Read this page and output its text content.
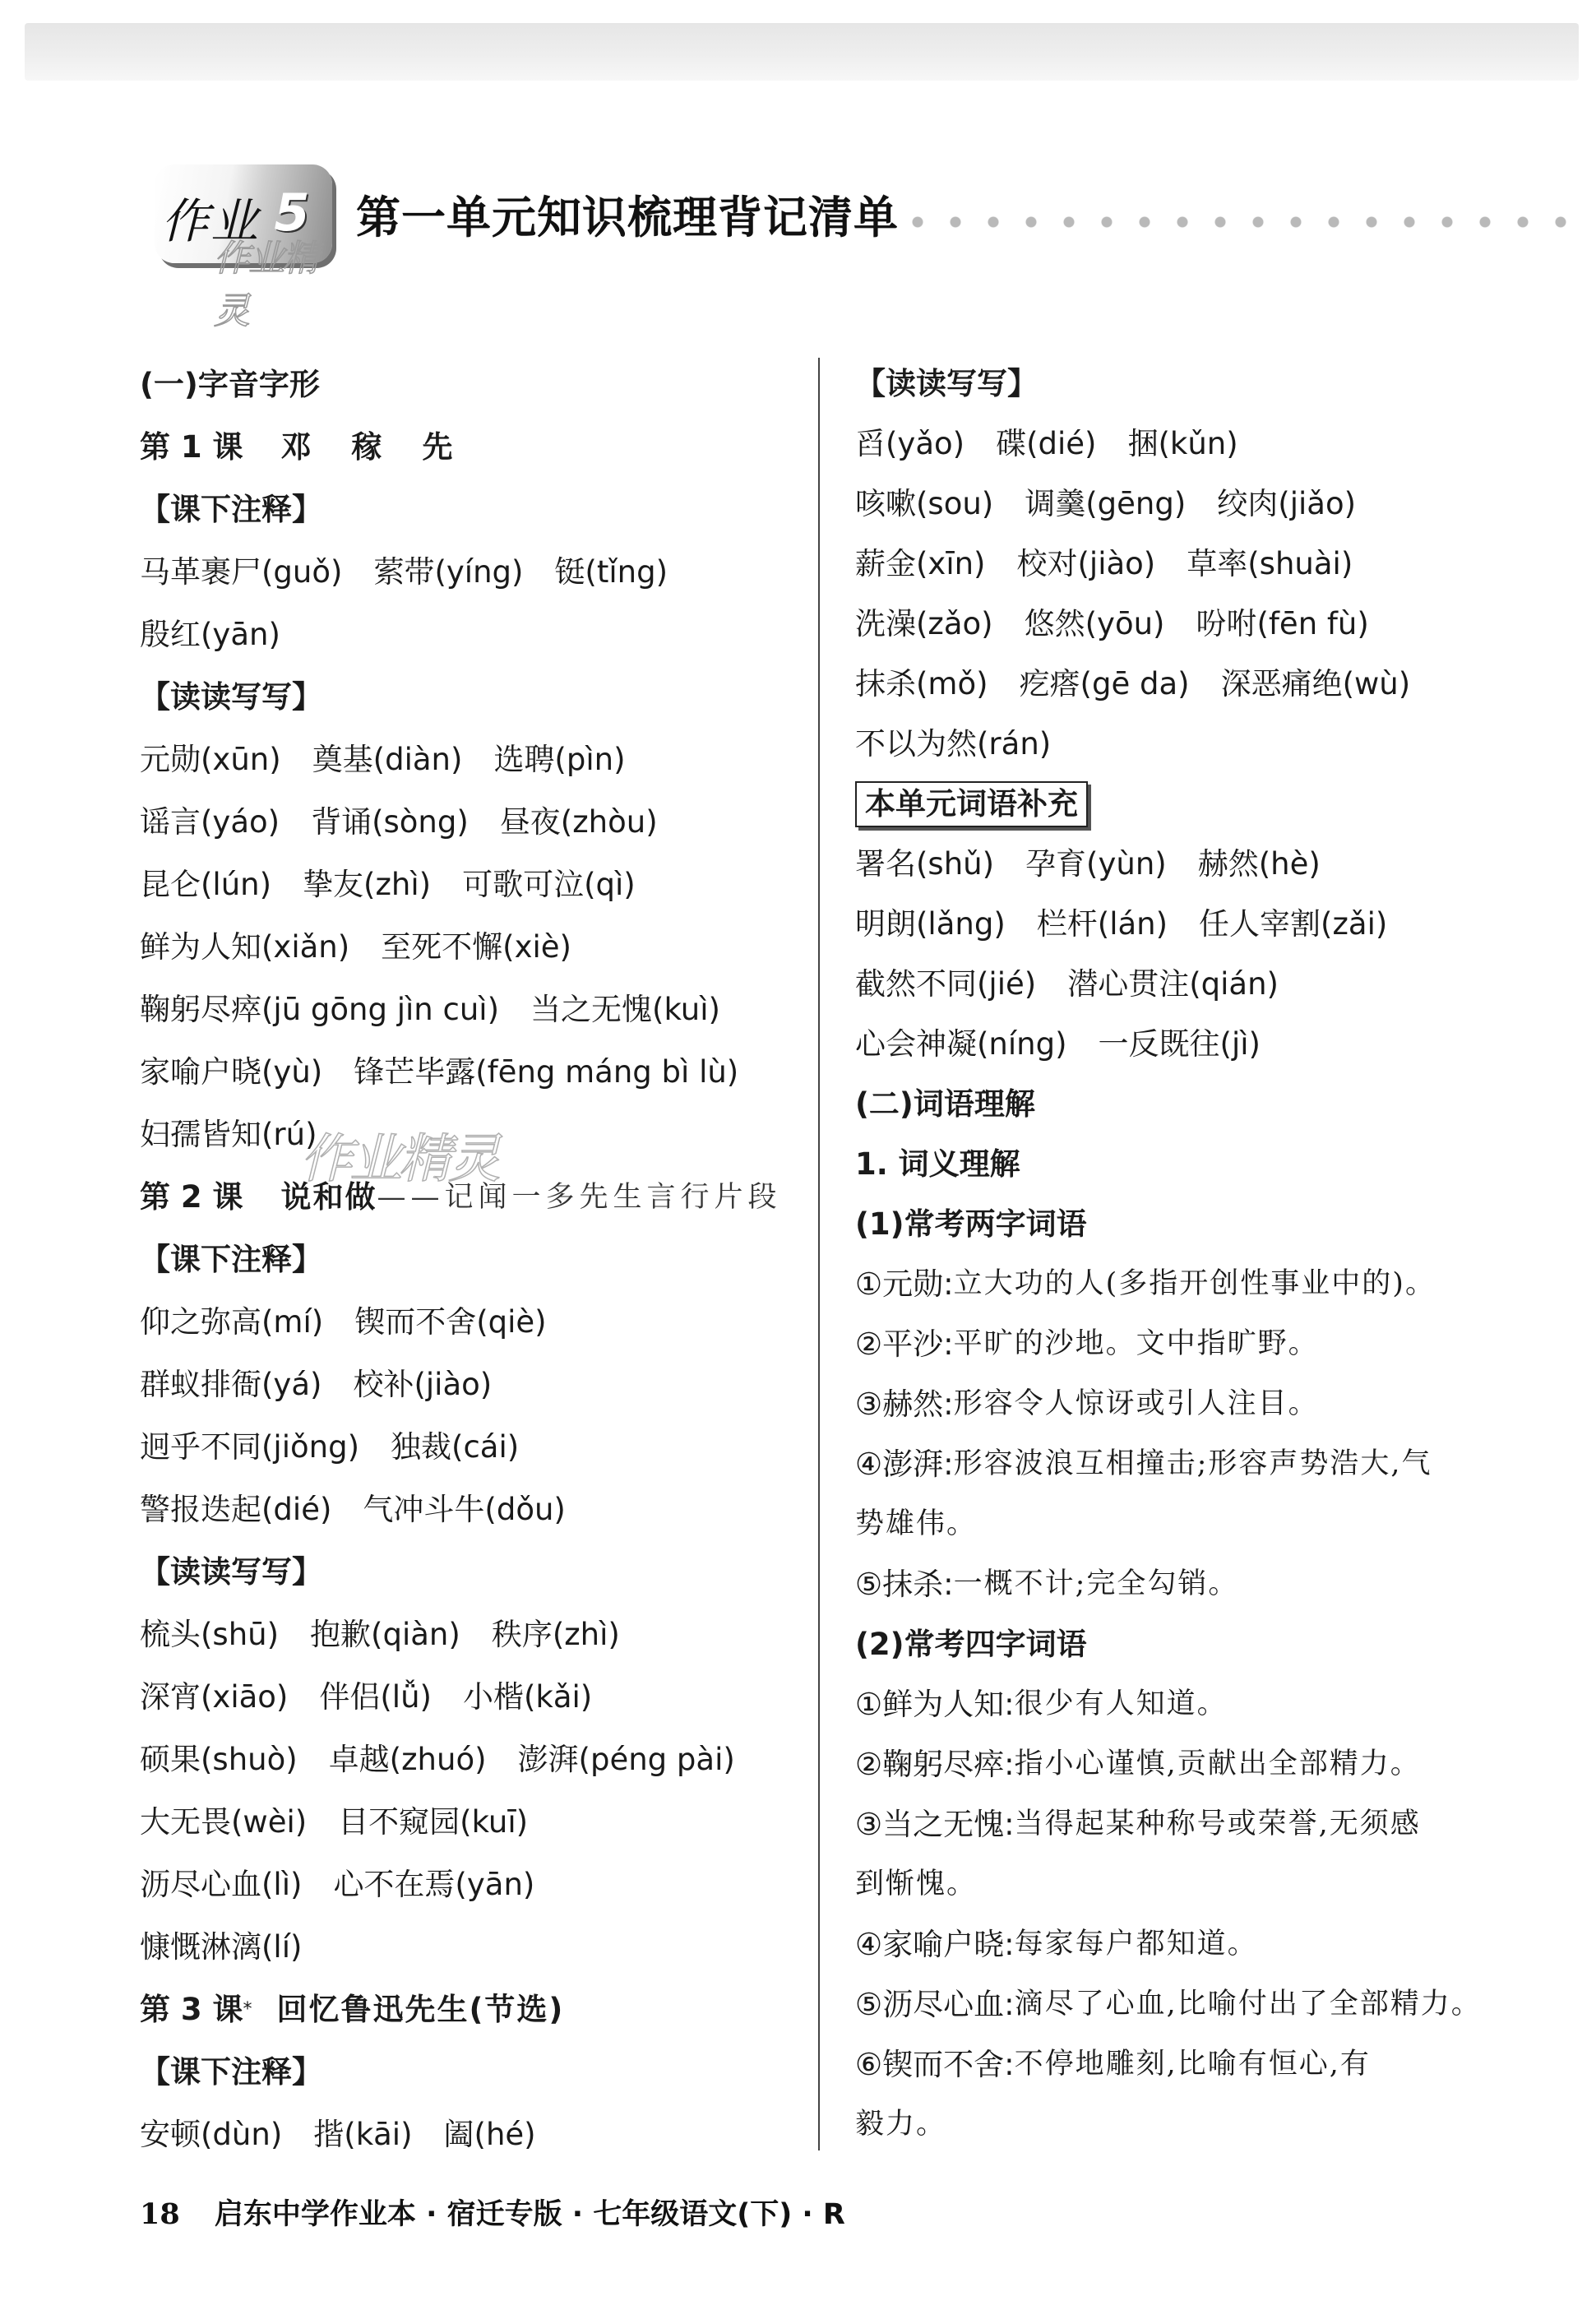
作业 5
作业精灵
第一单元知识梳理背记清单
(一)字音字形
第 1 课 邓　稼　先
【课下注释】
马革裹尸(guǒ) 萦带(yíng) 铤(tǐng)
殷红(yān)
【读读写写】
元勋(xūn) 奠基(diàn) 选聘(pìn)
谣言(yáo) 背诵(sòng) 昼夜(zhòu)
昆仑(lún) 挚友(zhì) 可歌可泣(qì)
鲜为人知(xiǎn) 至死不懈(xiè)
鞠躬尽瘁(jū gōng jìn cuì) 当之无愧(kuì)
家喻户晓(yù) 锋芒毕露(fēng máng bì lù)
妇孺皆知(rú)
第 2 课 说和做 ——记闻一多先生言行片段
【课下注释】
仰之弥高(mí) 锲而不舍(qiè)
群蚁排衙(yá) 校补(jiào)
迥乎不同(jiǒng) 独裁(cái)
警报迭起(dié) 气冲斗牛(dǒu)
【读读写写】
梳头(shū) 抱歉(qiàn) 秩序(zhì)
深宵(xiāo) 伴侣(lǚ) 小楷(kǎi)
硕果(shuò) 卓越(zhuó) 澎湃(péng pài)
大无畏(wèi) 目不窥园(kuī)
沥尽心血(lì) 心不在焉(yān)
慷慨淋漓(lí)
第 3 课 * 回忆鲁迅先生(节选)
【课下注释】
安顿(dùn) 揩(kāi) 阖(hé)
【读读写写】
舀(yǎo) 碟(dié) 捆(kǔn)
咳嗽(sou) 调羹(gēng) 绞肉(jiǎo)
薪金(xīn) 校对(jiào) 草率(shuài)
洗澡(zǎo) 悠然(yōu) 吩咐(fēn fù)
抹杀(mǒ) 疙瘩(gē da) 深恶痛绝(wù)
不以为然(rán)
本单元词语补充
署名(shǔ) 孕育(yùn) 赫然(hè)
明朗(lǎng) 栏杆(lán) 任人宰割(zǎi)
截然不同(jié) 潜心贯注(qián)
心会神凝(níng) 一反既往(jì)
(二)词语理解
1. 词义理解
(1)常考两字词语
①元勋: 立大功的人(多指开创性事业中的)。
②平沙: 平旷的沙地。文中指旷野。
③赫然: 形容令人惊讶或引人注目。
④澎湃: 形容波浪互相撞击;形容声势浩大,气
势雄伟。
⑤抹杀: 一概不计;完全勾销。
(2)常考四字词语
①鲜为人知: 很少有人知道。
②鞠躬尽瘁: 指小心谨慎,贡献出全部精力。
③当之无愧: 当得起某种称号或荣誉,无须感
到惭愧。
④家喻户晓: 每家每户都知道。
⑤沥尽心血: 滴尽了心血,比喻付出了全部精力。
⑥锲而不舍: 不停地雕刻,比喻有恒心,有
毅力。
作业精灵
18 启东中学作业本 · 宿迁专版 · 七年级语文(下) · R
